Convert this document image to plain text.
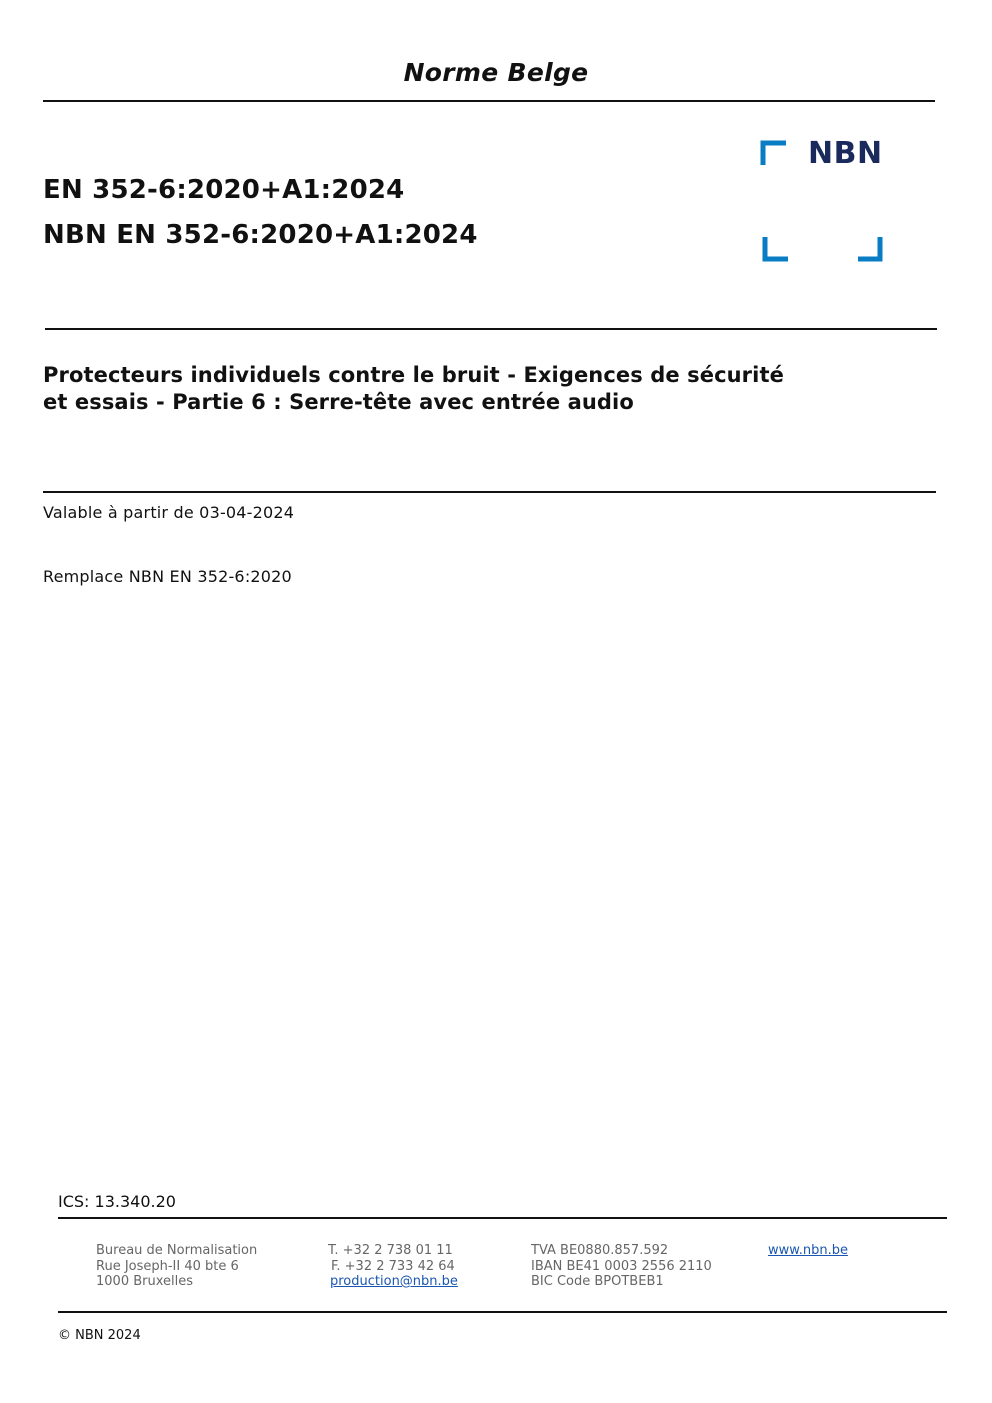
Norme Belge
EN 352-6:2020+A1:2024
NBN EN 352-6:2020+A1:2024
NBN
Protecteurs individuels contre le bruit - Exigences de sécurité
et essais - Partie 6 : Serre-tête avec entrée audio
Valable à partir de 03-04-2024
Remplace NBN EN 352-6:2020
ICS: 13.340.20
Bureau de Normalisation
Rue Joseph-II 40 bte 6
1000 Bruxelles
T. +32 2 738 01 11
F. +32 2 733 42 64
production@nbn.be
TVA BE0880.857.592
IBAN BE41 0003 2556 2110
BIC Code BPOTBEB1
www.nbn.be
© NBN 2024
